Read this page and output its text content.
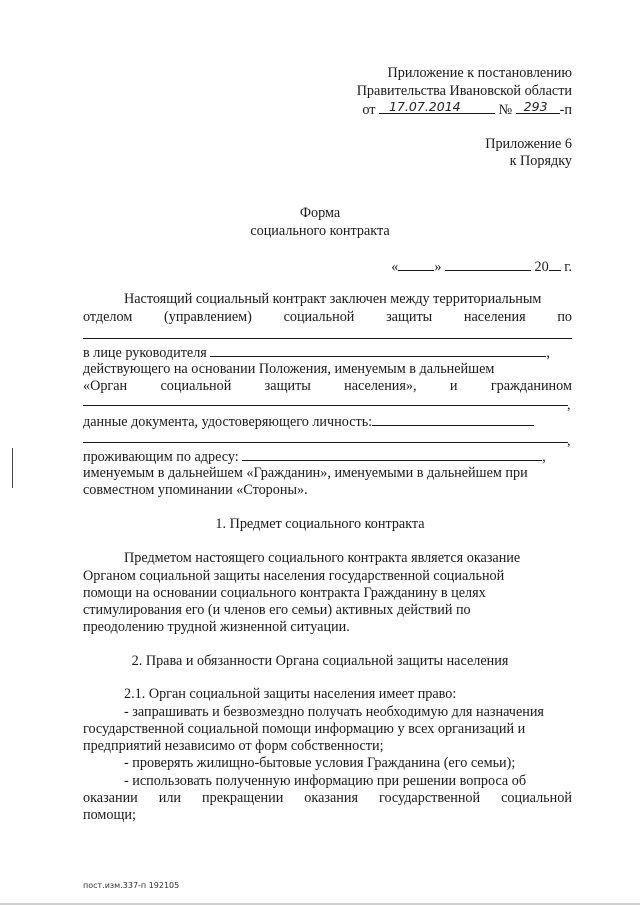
Приложение к постановлению
Правительства Ивановской области
от 17.07.2014	№ 293 -п
Приложение 6
к Порядку
Форма
социального контракта
«	»	20 г.
Настоящий социальный контракт заключен между территориальным
отделом (управлением) социальной защиты населения по
в лице руководителя	,
действующего на основании Положения, именуемым в дальнейшем
«Орган социальной защиты населения», и гражданином
,
данные документа, удостоверяющего личность:
,
проживающим по адресу:	,
именуемым в дальнейшем «Гражданин», именуемыми в дальнейшем при
совместном упоминании «Стороны».
1. Предмет социального контракта
Предметом настоящего социального контракта является оказание
Органом социальной защиты населения государственной социальной
помощи на основании социального контракта Гражданину в целях
стимулирования его (и членов его семьи) активных действий по
преодолению трудной жизненной ситуации.
2. Права и обязанности Органа социальной защиты населения
2.1. Орган социальной защиты населения имеет право:
- запрашивать и безвозмездно получать необходимую для назначения
государственной социальной помощи информацию у всех организаций и
предприятий независимо от форм собственности;
- проверять жилищно-бытовые условия Гражданина (его семьи);
- использовать полученную информацию при решении вопроса об
оказании или прекращении оказания государственной социальной
помощи;
пост.изм.337-п 192105
